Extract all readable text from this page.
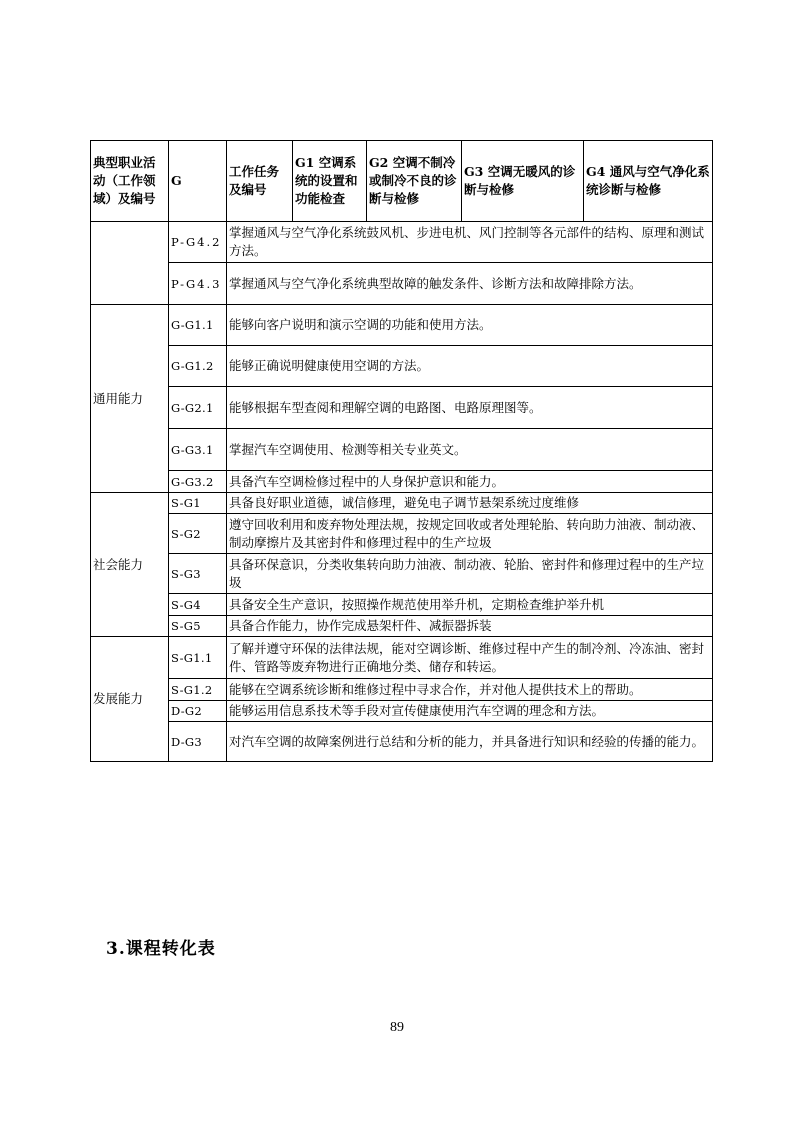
典型职业活动（工作领域）及编号	G	工作任务及编号	G1 空调系统的设置和功能检查	G2 空调不制冷或制冷不良的诊断与检修	G3 空调无暖风的诊断与检修	G4 通风与空气净化系统诊断与检修
	P-G4.2	掌握通风与空气净化系统鼓风机、步进电机、风门控制等各元部件的结构、原理和测试方法。				
	P-G4.3	掌握通风与空气净化系统典型故障的触发条件、诊断方法和故障排除方法。				
通用能力	G-G1.1	能够向客户说明和演示空调的功能和使用方法。				
	G-G1.2	能够正确说明健康使用空调的方法。				
	G-G2.1	能够根据车型查阅和理解空调的电路图、电路原理图等。				
	G-G3.1	掌握汽车空调使用、检测等相关专业英文。				
	G-G3.2	具备汽车空调检修过程中的人身保护意识和能力。				
社会能力	S-G1	具备良好职业道德，诚信修理，避免电子调节悬架系统过度维修				
	S-G2	遵守回收利用和废弃物处理法规，按规定回收或者处理轮胎、转向助力油液、制动液、制动摩擦片及其密封件和修理过程中的生产垃圾				
	S-G3	具备环保意识，分类收集转向助力油液、制动液、轮胎、密封件和修理过程中的生产垃圾				
	S-G4	具备安全生产意识，按照操作规范使用举升机，定期检查维护举升机				
	S-G5	具备合作能力，协作完成悬架杆件、减振器拆装				
发展能力	S-G1.1	了解并遵守环保的法律法规，能对空调诊断、维修过程中产生的制冷剂、冷冻油、密封件、管路等废弃物进行正确地分类、储存和转运。				
	S-G1.2	能够在空调系统诊断和维修过程中寻求合作，并对他人提供技术上的帮助。				
	D-G2	能够运用信息系技术等手段对宣传健康使用汽车空调的理念和方法。				
	D-G3	对汽车空调的故障案例进行总结和分析的能力，并具备进行知识和经验的传播的能力。				
3.课程转化表
89
